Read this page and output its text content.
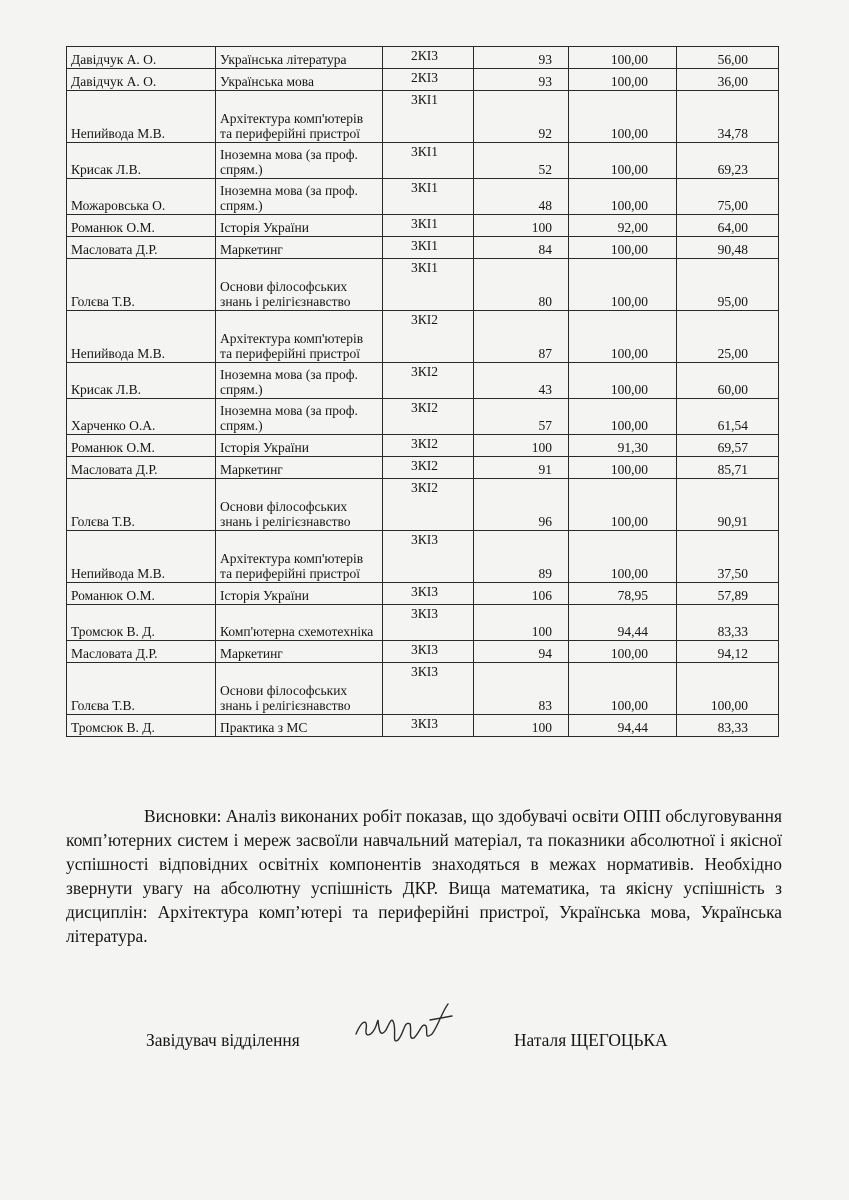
Давідчук А. О.	Українська література	2КІ3	93	100,00	56,00
Давідчук А. О.	Українська мова	2КІ3	93	100,00	36,00
Непийвода М.В.	Архітектура комп'ютерів та периферійні пристрої	3КІ1	92	100,00	34,78
Крисак Л.В.	Іноземна мова (за проф. спрям.)	3КІ1	52	100,00	69,23
Можаровська О.	Іноземна мова (за проф. спрям.)	3КІ1	48	100,00	75,00
Романюк О.М.	Історія України	3КІ1	100	92,00	64,00
Масловата Д.Р.	Маркетинг	3КІ1	84	100,00	90,48
Голєва Т.В.	Основи філософських знань і релігієзнавство	3КІ1	80	100,00	95,00
Непийвода М.В.	Архітектура комп'ютерів та периферійні пристрої	3КІ2	87	100,00	25,00
Крисак Л.В.	Іноземна мова (за проф. спрям.)	3КІ2	43	100,00	60,00
Харченко О.А.	Іноземна мова (за проф. спрям.)	3КІ2	57	100,00	61,54
Романюк О.М.	Історія України	3КІ2	100	91,30	69,57
Масловата Д.Р.	Маркетинг	3КІ2	91	100,00	85,71
Голєва Т.В.	Основи філософських знань і релігієзнавство	3КІ2	96	100,00	90,91
Непийвода М.В.	Архітектура комп'ютерів та периферійні пристрої	3КІ3	89	100,00	37,50
Романюк О.М.	Історія України	3КІ3	106	78,95	57,89
Тромсюк В. Д.	Комп'ютерна схемотехніка	3КІ3	100	94,44	83,33
Масловата Д.Р.	Маркетинг	3КІ3	94	100,00	94,12
Голєва Т.В.	Основи філософських знань і релігієзнавство	3КІ3	83	100,00	100,00
Тромсюк В. Д.	Практика з МС	3КІ3	100	94,44	83,33

Висновки: Аналіз виконаних робіт показав, що здобувачі освіти ОПП обслуговування комп’ютерних систем і мереж засвоїли навчальний матеріал, та показники абсолютної і якісної успішності відповідних освітніх компонентів знаходяться в межах нормативів. Необхідно звернути увагу на абсолютну успішність ДКР. Вища математика, та якісну успішність з дисциплін: Архітектура комп’ютері та периферійні пристрої, Українська мова, Українська література.

Завідувач відділення	Наталя ЩЕГОЦЬКА
